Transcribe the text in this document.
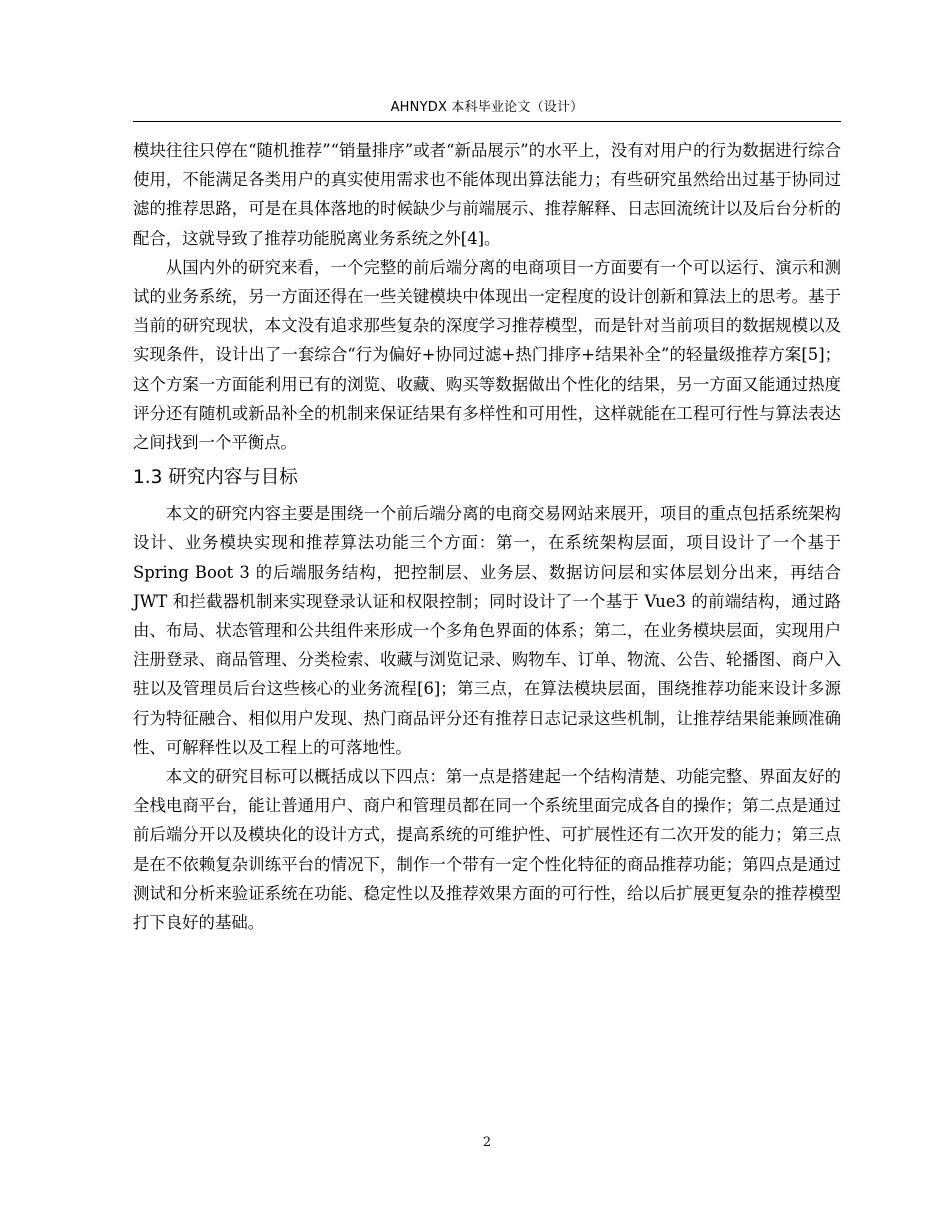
AHNYDX 本科毕业论文（设计）

模块往往只停在“随机推荐”“销量排序”或者“新品展示”的水平上，没有对用户的行为数据进行综合使用，不能满足各类用户的真实使用需求也不能体现出算法能力；有些研究虽然给出过基于协同过滤的推荐思路，可是在具体落地的时候缺少与前端展示、推荐解释、日志回流统计以及后台分析的配合，这就导致了推荐功能脱离业务系统之外[4]。

从国内外的研究来看，一个完整的前后端分离的电商项目一方面要有一个可以运行、演示和测试的业务系统，另一方面还得在一些关键模块中体现出一定程度的设计创新和算法上的思考。基于当前的研究现状，本文没有追求那些复杂的深度学习推荐模型，而是针对当前项目的数据规模以及实现条件，设计出了一套综合“行为偏好+协同过滤+热门排序+结果补全”的轻量级推荐方案[5]；这个方案一方面能利用已有的浏览、收藏、购买等数据做出个性化的结果，另一方面又能通过热度评分还有随机或新品补全的机制来保证结果有多样性和可用性，这样就能在工程可行性与算法表达之间找到一个平衡点。

1.3 研究内容与目标

本文的研究内容主要是围绕一个前后端分离的电商交易网站来展开，项目的重点包括系统架构设计、业务模块实现和推荐算法功能三个方面：第一，在系统架构层面，项目设计了一个基于 Spring Boot 3 的后端服务结构，把控制层、业务层、数据访问层和实体层划分出来，再结合 JWT 和拦截器机制来实现登录认证和权限控制；同时设计了一个基于 Vue3 的前端结构，通过路由、布局、状态管理和公共组件来形成一个多角色界面的体系；第二，在业务模块层面，实现用户注册登录、商品管理、分类检索、收藏与浏览记录、购物车、订单、物流、公告、轮播图、商户入驻以及管理员后台这些核心的业务流程[6]；第三点，在算法模块层面，围绕推荐功能来设计多源行为特征融合、相似用户发现、热门商品评分还有推荐日志记录这些机制，让推荐结果能兼顾准确性、可解释性以及工程上的可落地性。

本文的研究目标可以概括成以下四点：第一点是搭建起一个结构清楚、功能完整、界面友好的全栈电商平台，能让普通用户、商户和管理员都在同一个系统里面完成各自的操作；第二点是通过前后端分开以及模块化的设计方式，提高系统的可维护性、可扩展性还有二次开发的能力；第三点是在不依赖复杂训练平台的情况下，制作一个带有一定个性化特征的商品推荐功能；第四点是通过测试和分析来验证系统在功能、稳定性以及推荐效果方面的可行性，给以后扩展更复杂的推荐模型打下良好的基础。

2
